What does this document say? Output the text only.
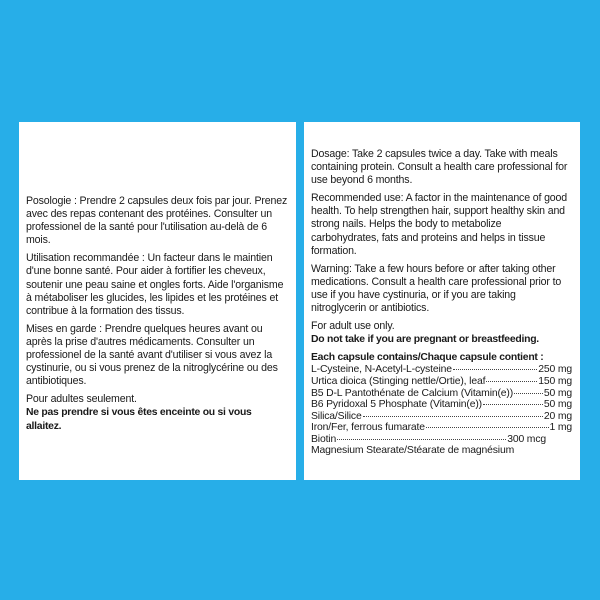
Posologie : Prendre 2 capsules deux fois par jour. Prenez avec des repas contenant des protéines. Consulter un professionel de la santé pour l'utilisation au-delà de 6 mois.

Utilisation recommandée : Un facteur dans le maintien d'une bonne santé. Pour aider à fortifier les cheveux, soutenir une peau saine et ongles forts. Aide l'organisme à métaboliser les glucides, les lipides et les protéines et contribue à la formation des tissus.

Mises en garde : Prendre quelques heures avant ou après la prise d'autres médicaments. Consulter un professionel de la santé avant d'utiliser si vous avez la cystinurie, ou si vous prenez de la nitroglycérine ou des antibiotiques.

Pour adultes seulement.
Ne pas prendre si vous êtes enceinte ou si vous allaitez.

Dosage: Take 2 capsules twice a day. Take with meals containing protein. Consult a health care professional for use beyond 6 months.

Recommended use: A factor in the maintenance of good health. To help strengthen hair, support healthy skin and strong nails. Helps the body to metabolize carbohydrates, fats and proteins and helps in tissue formation.

Warning: Take a few hours before or after taking other medications. Consult a health care professional prior to use if you have cystinuria, or if you are taking nitroglycerin or antibiotics.

For adult use only.
Do not take if you are pregnant or breastfeeding.

Each capsule contains/Chaque capsule contient :
L-Cysteine, N-Acetyl-L-cysteine	250 mg
Urtica dioica (Stinging nettle/Ortie), leaf	150 mg
B5 D-L Pantothénate de Calcium (Vitamin(e))	50 mg
B6 Pyridoxal 5 Phosphate (Vitamin(e))	50 mg
Silica/Silice	20 mg
Iron/Fer, ferrous fumarate	1 mg
Biotin	300 mcg
Magnesium Stearate/Stéarate de magnésium
